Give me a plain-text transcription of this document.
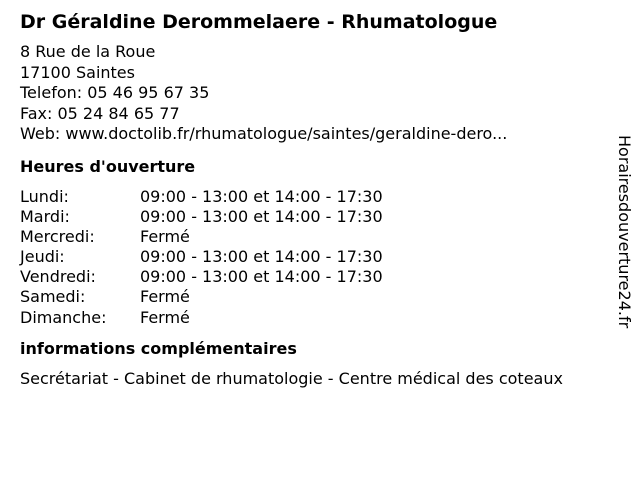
Dr Géraldine Derommelaere - Rhumatologue
8 Rue de la Roue
17100 Saintes
Telefon: 05 46 95 67 35
Fax: 05 24 84 65 77
Web: www.doctolib.fr/rhumatologue/saintes/geraldine-dero...
Heures d'ouverture
Lundi:	09:00 - 13:00 et 14:00 - 17:30
Mardi:	09:00 - 13:00 et 14:00 - 17:30
Mercredi:	Fermé
Jeudi:	09:00 - 13:00 et 14:00 - 17:30
Vendredi:	09:00 - 13:00 et 14:00 - 17:30
Samedi:	Fermé
Dimanche:	Fermé
informations complémentaires
Secrétariat - Cabinet de rhumatologie - Centre médical des coteaux
Horairesdouverture24.fr
